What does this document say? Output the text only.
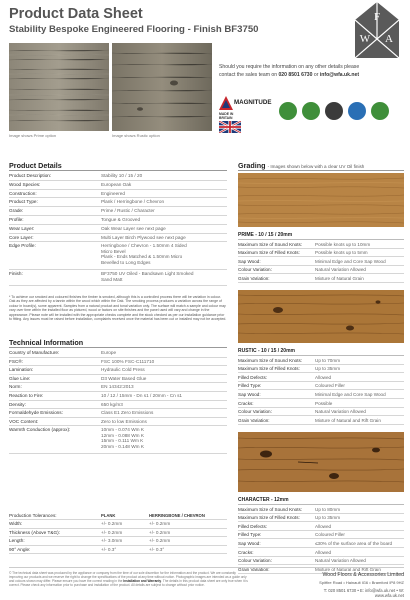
Product Data Sheet
Stability Bespoke Engineered Flooring - Finish BF3750
F
W A
Image shows Prime option	Image shows Rustic option
Should you require the information on any other details please
contact the sales team on 020 8501 6730 or info@wfa.uk.net
MAGNITUDE
MADE IN
BRITAIN
Product Details
Product Description:	Stability 10 / 15 / 20
Wood Species:	European Oak
Construction:	Engineered
Product Type:	Plank / Herringbone / Chevron
Grade:	Prime / Rustic / Character
Profile:	Tongue & Grooved
Wear Layer:	Oak Wear Layer see next page
Core Layer:	Multi Layer Birch Plywood see next page
Edge Profile:	Herringbone / Chevron - 1.50mm 4 Sided
Micro Bevel
Plank - Ends Matched & 1.50mm Micro
Bevelled to Long Edges
Finish:	BF3750 UV Oiled - Bandsawn Light Smoked
Sand Matt
* To achieve our smoked and coloured finishes the timber is smoked, although this is a controlled process there will be variation in colour. Oak as they are affected by a tannin within the wood which within the Oak. The smoking process produces a variation across the range of colour in board(s), some apparent. Samples from a natural product and tonal variation only. The surface will match a sample and colour may vary over time within the installed floor as pictured, wood or factors on site finishes and the panel used will vary and change in the appearance. Please note will be installed with the appropriate checks complete and the stock checked as per our installation guidance prior to fitting. Any issues must be raised before installation, complaints received once the material has been cut or installed may not be accepted.
Technical Information
Country of Manufacture:	Europe
FSC®:	FSC 100% FSC-C111710
Lamination:	Hydraulic Cold Press
Glue Line:	D3 Water Based Glue
Norm:	EN 14342:2013
Reaction to Fire:	10 / 12 / 15mm - Dn s1 / 20mm - Cn s1
Density:	650 kg/m3
Formaldehyde Emissions:	Class E1 Zero Emissions
VOC Content:	Zero to low Emissions
Warmth Conduction (approx):	10mm - 0.074 Wm K
12mm - 0.088 Wm K
15mm - 0.111 Wm K
20mm - 0.148 Wm K
Production Tolerances:	PLANK	HERRINGBONE / CHEVRON
Width:	+/- 0.2mm	+/- 0.2mm
Thickness (Above T&G):	+/- 0.2mm	+/- 0.2mm
Length:	+/- 3.0mm	+/- 0.2mm
90° Angle:	+/- 0.3°	+/- 0.3°
Grading - Images shown below with a clear UV Oil finish
PRIME - 10 / 15 / 20mm
Maximum Size of Sound Knots:	Possible knots up to 10mm
Maximum Size of Filled Knots:	Possible knots up to 5mm
Sap Wood:	Minimal Edge and Core Sap Wood
Colour Variation:	Natural Variation Allowed
Grain Variation:	Mixture of Natural Grain
RUSTIC - 10 / 15 / 20mm
Maximum Size of Sound Knots:	Up to 70mm
Maximum Size of Filled Knots:	Up to 35mm
Filled Defects:	Allowed
Filled Type:	Coloured Filler
Sap Wood:	Minimal Edge and Core Sap Wood
Cracks:	Possible
Colour Variation:	Natural Variation Allowed
Grain Variation:	Mixture of Natural and Rift Grain
CHARACTER - 12mm
Maximum Size of Sound Knots:	Up to 80mm
Maximum Size of Filled Knots:	Up to 35mm
Filled Defects:	Allowed
Filled Type:	Coloured Filler
Sap Wood:	≤30% of the surface area of the board
Cracks:	Allowed
Colour Variation:	Natural Variation Allowed
Grain Variation:	Mixture of Natural and Rift Grain
© The technical data sheet was produced by the appliance or company from the time of our sole discretion for the information and the product. We are constantly improving our products and we reserve the right to change the specifications of the product at any time without notice. Photographic images are intended as a guide only and colours shown may differ. Please ensure you have the correct reading in the Installation and Warranty. The details in this product data sheet are only true when it is correct. Please check any information prior to purchase and installation of the product. All details are subject to change without prior notice.
Wood Floors & Accessories Limited
Spitfire Road • Hainault IG6 • Bramford IP8 9HZ
T: 020 8501 6730 • E: info@wfa.uk.net • W: www.wfa.uk.net
